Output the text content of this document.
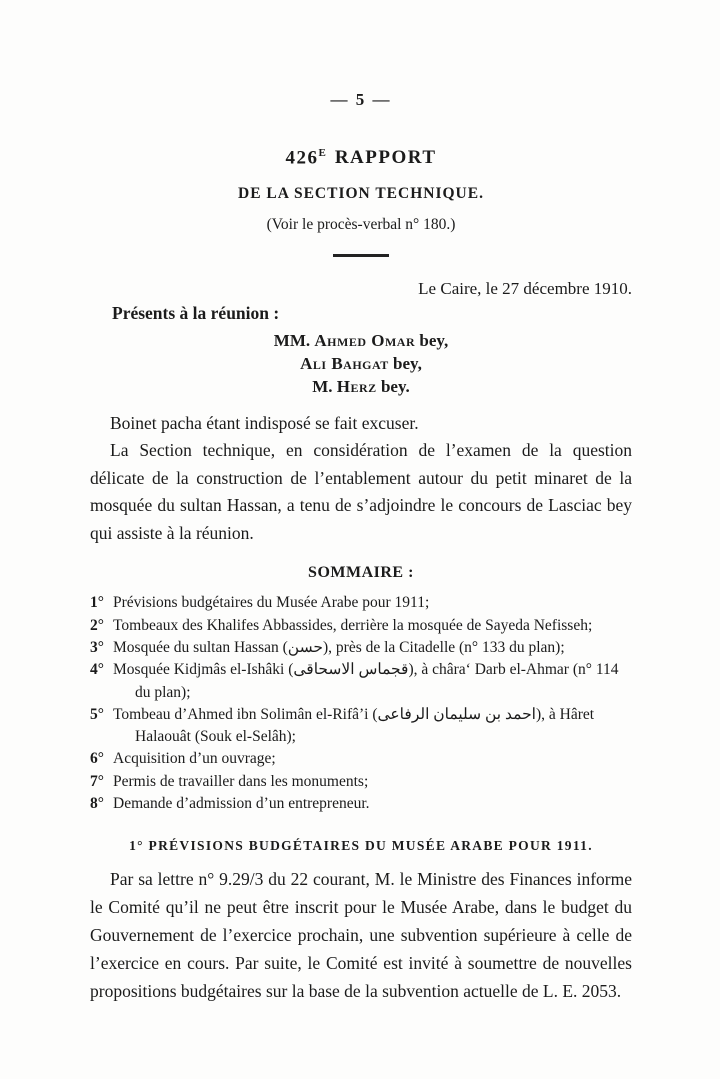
— 5 —
$426^E$ RAPPORT
DE LA SECTION TECHNIQUE.
(Voir le procès-verbal n° 180.)
Le Caire, le 27 décembre 1910.
Présents à la réunion :
MM. Ahmed Omar bey,
Ali Bahgat bey,
M. Herz bey.

Boinet pacha étant indisposé se fait excuser.

La Section technique, en considération de l’examen de la question délicate de la construction de l’entablement autour du petit minaret de la mosquée du sultan Hassan, a tenu de s’adjoindre le concours de Lasciac bey qui assiste à la réunion.

SOMMAIRE :
1° Prévisions budgétaires du Musée Arabe pour 1911;
2° Tombeaux des Khalifes Abbassides, derrière la mosquée de Sayeda Nefisseh;
3° Mosquée du sultan Hassan (حسن), près de la Citadelle (n° 133 du plan);
4° Mosquée Kidjmâs el-Ishâki (قجماس الاسحاقى), à châra‘ Darb el-Ahmar (n° 114 du plan);
5° Tombeau d’Ahmed ibn Solimân el-Rifâ’i (احمد بن سليمان الرفاعى), à Hâret Halaouât (Souk el-Selâh);
6° Acquisition d’un ouvrage;
7° Permis de travailler dans les monuments;
8° Demande d’admission d’un entrepreneur.
1° PRÉVISIONS BUDGÉTAIRES DU MUSÉE ARABE POUR 1911.

Par sa lettre n° 9.29/3 du 22 courant, M. le Ministre des Finances informe le Comité qu’il ne peut être inscrit pour le Musée Arabe, dans le budget du Gouvernement de l’exercice prochain, une subvention supérieure à celle de l’exercice en cours. Par suite, le Comité est invité à soumettre de nouvelles propositions budgétaires sur la base de la subvention actuelle de L. E. 2053.
